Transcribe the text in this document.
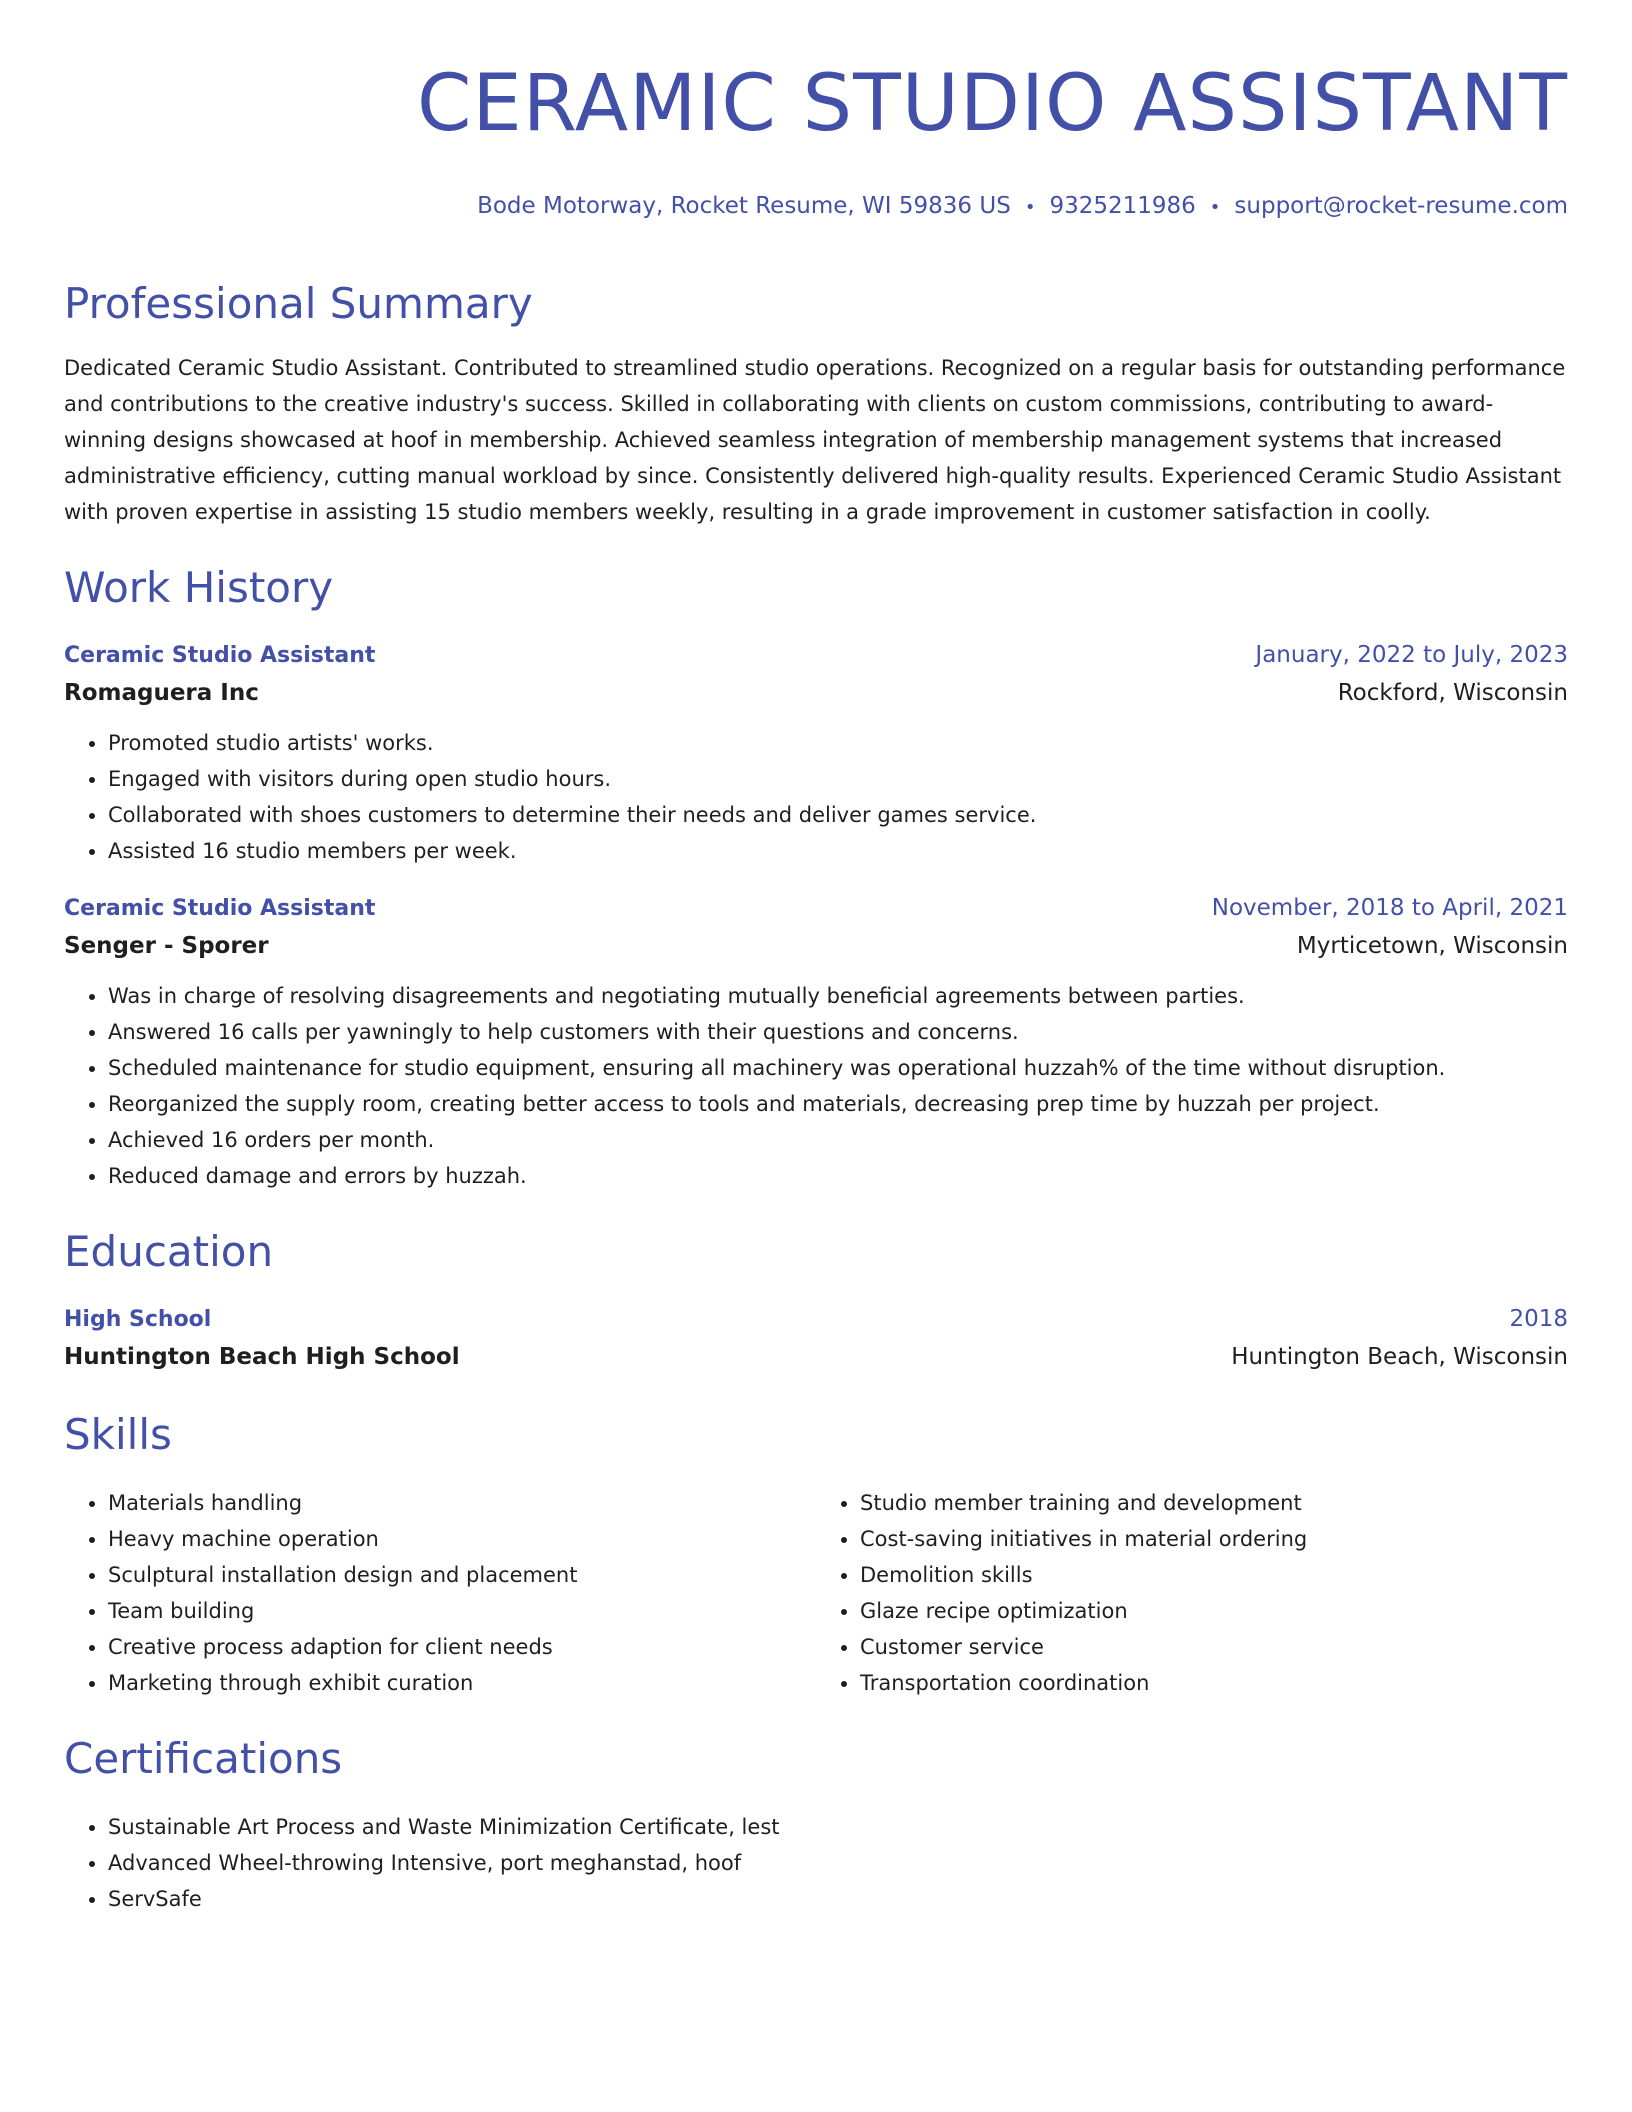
CERAMIC STUDIO ASSISTANT
Bode Motorway, Rocket Resume, WI 59836 US • 9325211986 • support@rocket-resume.com
Professional Summary
Dedicated Ceramic Studio Assistant. Contributed to streamlined studio operations. Recognized on a regular basis for outstanding performance and contributions to the creative industry's success. Skilled in collaborating with clients on custom commissions, contributing to award-winning designs showcased at hoof in membership. Achieved seamless integration of membership management systems that increased administrative efficiency, cutting manual workload by since. Consistently delivered high-quality results. Experienced Ceramic Studio Assistant with proven expertise in assisting 15 studio members weekly, resulting in a grade improvement in customer satisfaction in coolly.
Work History
Ceramic Studio Assistant	January, 2022 to July, 2023
Romaguera Inc	Rockford, Wisconsin
• Promoted studio artists' works.
• Engaged with visitors during open studio hours.
• Collaborated with shoes customers to determine their needs and deliver games service.
• Assisted 16 studio members per week.
Ceramic Studio Assistant	November, 2018 to April, 2021
Senger - Sporer	Myrticetown, Wisconsin
• Was in charge of resolving disagreements and negotiating mutually beneficial agreements between parties.
• Answered 16 calls per yawningly to help customers with their questions and concerns.
• Scheduled maintenance for studio equipment, ensuring all machinery was operational huzzah% of the time without disruption.
• Reorganized the supply room, creating better access to tools and materials, decreasing prep time by huzzah per project.
• Achieved 16 orders per month.
• Reduced damage and errors by huzzah.
Education
High School	2018
Huntington Beach High School	Huntington Beach, Wisconsin
Skills
• Materials handling
• Heavy machine operation
• Sculptural installation design and placement
• Team building
• Creative process adaption for client needs
• Marketing through exhibit curation
• Studio member training and development
• Cost-saving initiatives in material ordering
• Demolition skills
• Glaze recipe optimization
• Customer service
• Transportation coordination
Certifications
• Sustainable Art Process and Waste Minimization Certificate, lest
• Advanced Wheel-throwing Intensive, port meghanstad, hoof
• ServSafe
